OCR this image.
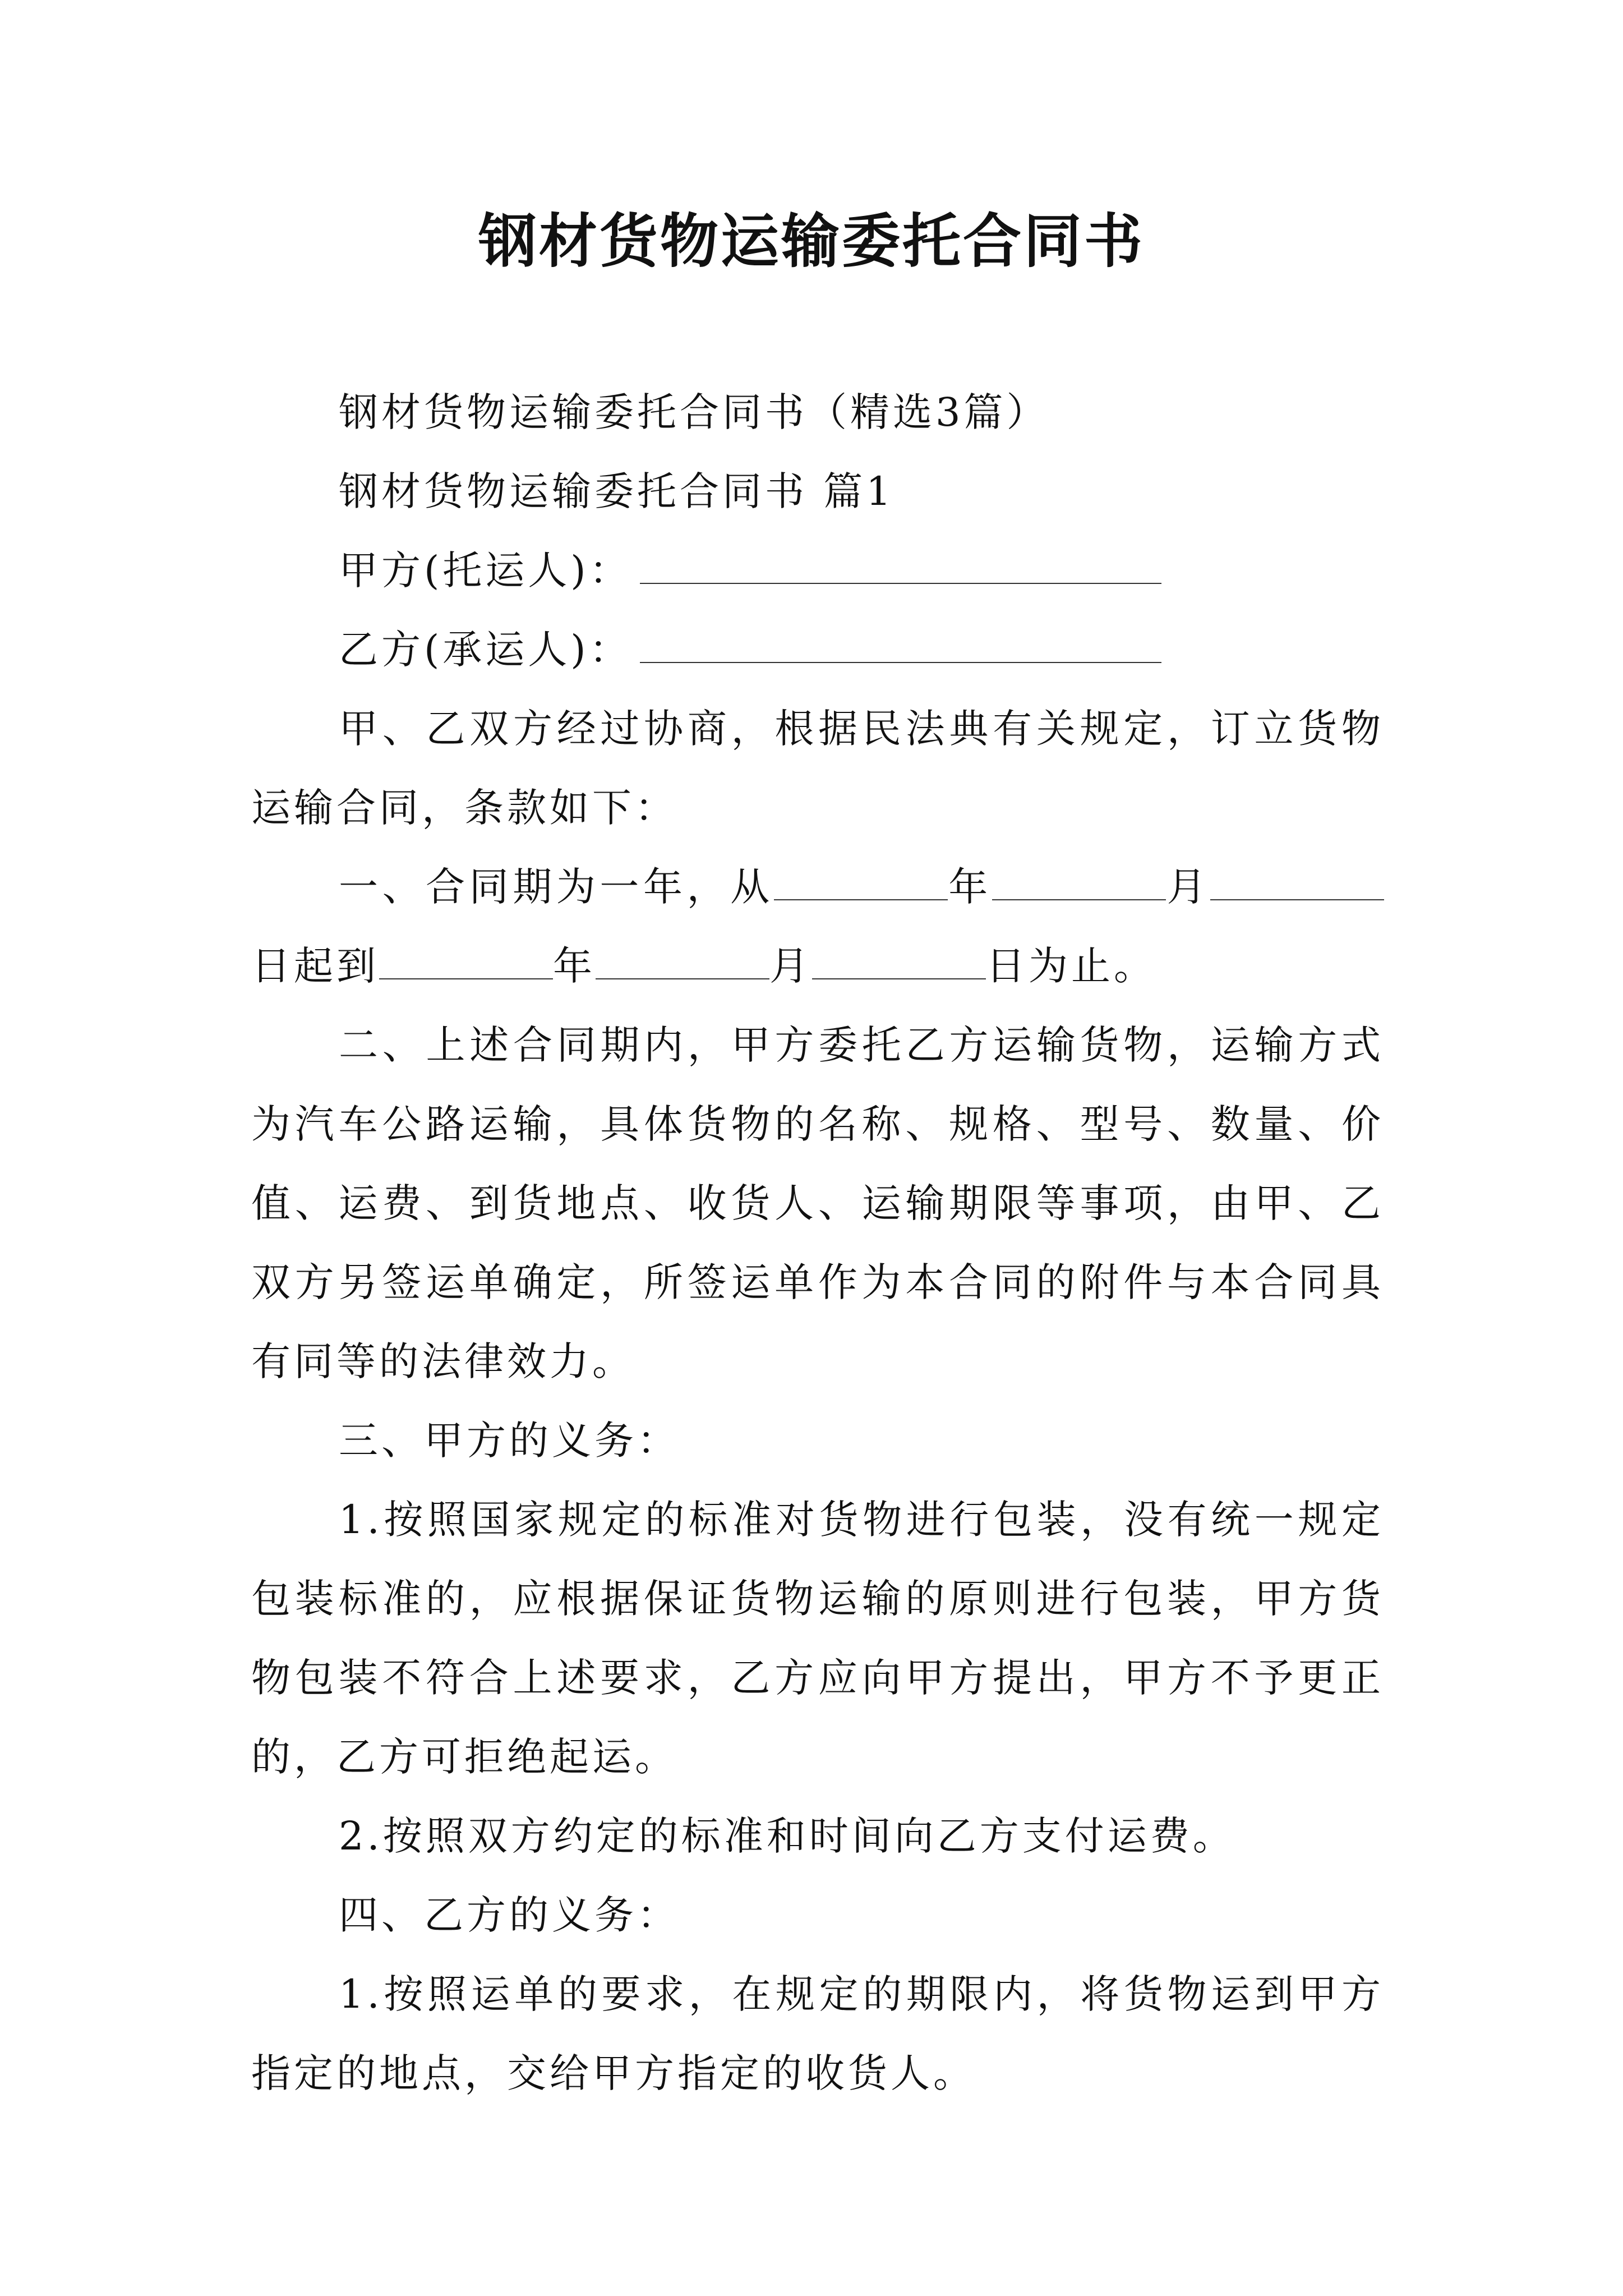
钢材货物运输委托合同书

钢材货物运输委托合同书（精选3篇）

钢材货物运输委托合同书 篇1

甲方(托运人)：

乙方(承运人)：

甲、乙双方经过协商，根据民法典有关规定，订立货物运输合同，条款如下：

一、合同期为一年，从	年	月日起到	年	月	日为止。

二、上述合同期内，甲方委托乙方运输货物，运输方式为汽车公路运输，具体货物的名称、规格、型号、数量、价值、运费、到货地点、收货人、运输期限等事项，由甲、乙双方另签运单确定，所签运单作为本合同的附件与本合同具有同等的法律效力。

三、甲方的义务：

1.按照国家规定的标准对货物进行包装，没有统一规定包装标准的，应根据保证货物运输的原则进行包装，甲方货物包装不符合上述要求，乙方应向甲方提出，甲方不予更正的，乙方可拒绝起运。

2.按照双方约定的标准和时间向乙方支付运费。

四、乙方的义务：

1.按照运单的要求，在规定的期限内，将货物运到甲方指定的地点，交给甲方指定的收货人。
